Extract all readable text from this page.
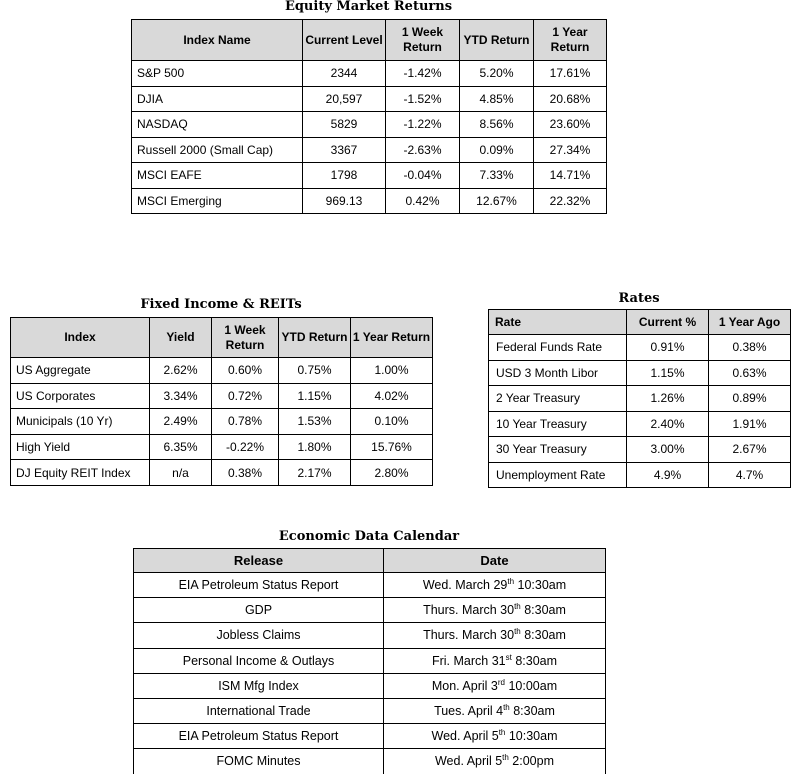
Equity Market Returns
Index Name	Current Level	1 Week Return	YTD Return	1 Year Return
S&P 500	2344	-1.42%	5.20%	17.61%
DJIA	20,597	-1.52%	4.85%	20.68%
NASDAQ	5829	-1.22%	8.56%	23.60%
Russell 2000 (Small Cap)	3367	-2.63%	0.09%	27.34%
MSCI EAFE	1798	-0.04%	7.33%	14.71%
MSCI Emerging	969.13	0.42%	12.67%	22.32%
Fixed Income & REITs
Index	Yield	1 Week Return	YTD Return	1 Year Return
US Aggregate	2.62%	0.60%	0.75%	1.00%
US Corporates	3.34%	0.72%	1.15%	4.02%
Municipals (10 Yr)	2.49%	0.78%	1.53%	0.10%
High Yield	6.35%	-0.22%	1.80%	15.76%
DJ Equity REIT Index	n/a	0.38%	2.17%	2.80%
Rates
Rate	Current %	1 Year Ago
Federal Funds Rate	0.91%	0.38%
USD 3 Month Libor	1.15%	0.63%
2 Year Treasury	1.26%	0.89%
10 Year Treasury	2.40%	1.91%
30 Year Treasury	3.00%	2.67%
Unemployment Rate	4.9%	4.7%
Economic Data Calendar
Release	Date
EIA Petroleum Status Report	Wed. March 29th 10:30am
GDP	Thurs. March 30th 8:30am
Jobless Claims	Thurs. March 30th 8:30am
Personal Income & Outlays	Fri. March 31st 8:30am
ISM Mfg Index	Mon. April 3rd 10:00am
International Trade	Tues. April 4th 8:30am
EIA Petroleum Status Report	Wed. April 5th 10:30am
FOMC Minutes	Wed. April 5th 2:00pm
